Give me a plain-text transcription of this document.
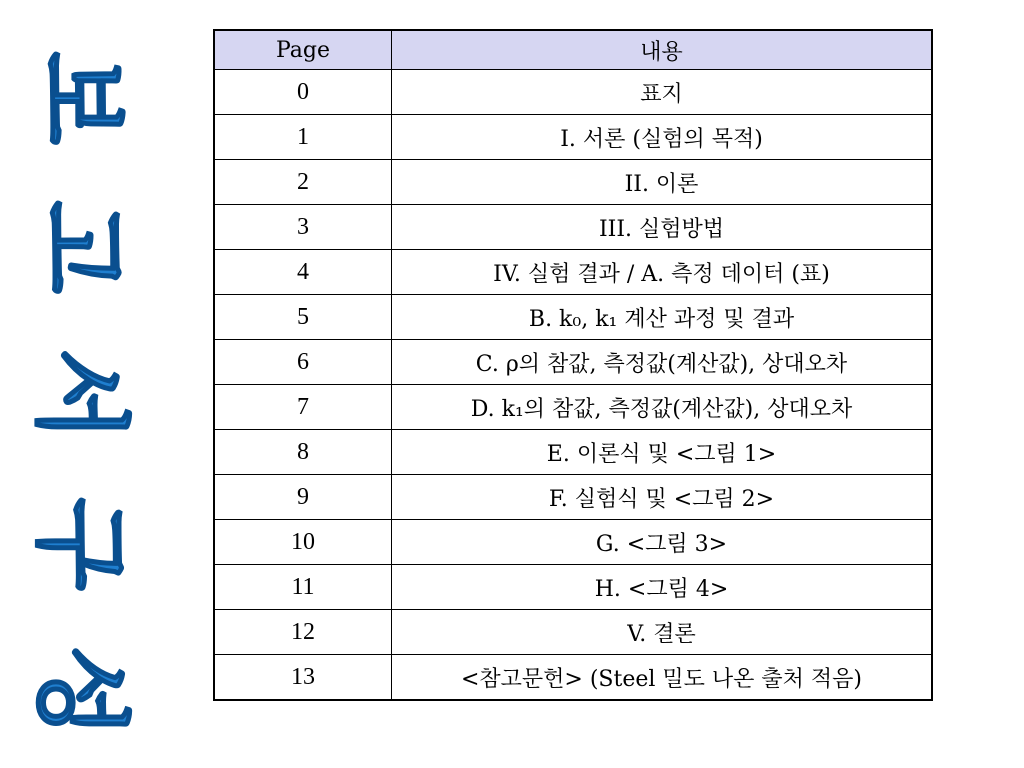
보
고
서
구
성
Page	내용
0	표지
1	I. 서론 (실험의 목적)
2	II. 이론
3	III. 실험방법
4	IV. 실험 결과 / A. 측정 데이터 (표)
5	B. k₀, k₁ 계산 과정 및 결과
6	C. ρ의 참값, 측정값(계산값), 상대오차
7	D. k₁의 참값, 측정값(계산값), 상대오차
8	E. 이론식 및 <그림 1>
9	F. 실험식 및 <그림 2>
10	G. <그림 3>
11	H. <그림 4>
12	V. 결론
13	<참고문헌> (Steel 밀도 나온 출처 적음)
